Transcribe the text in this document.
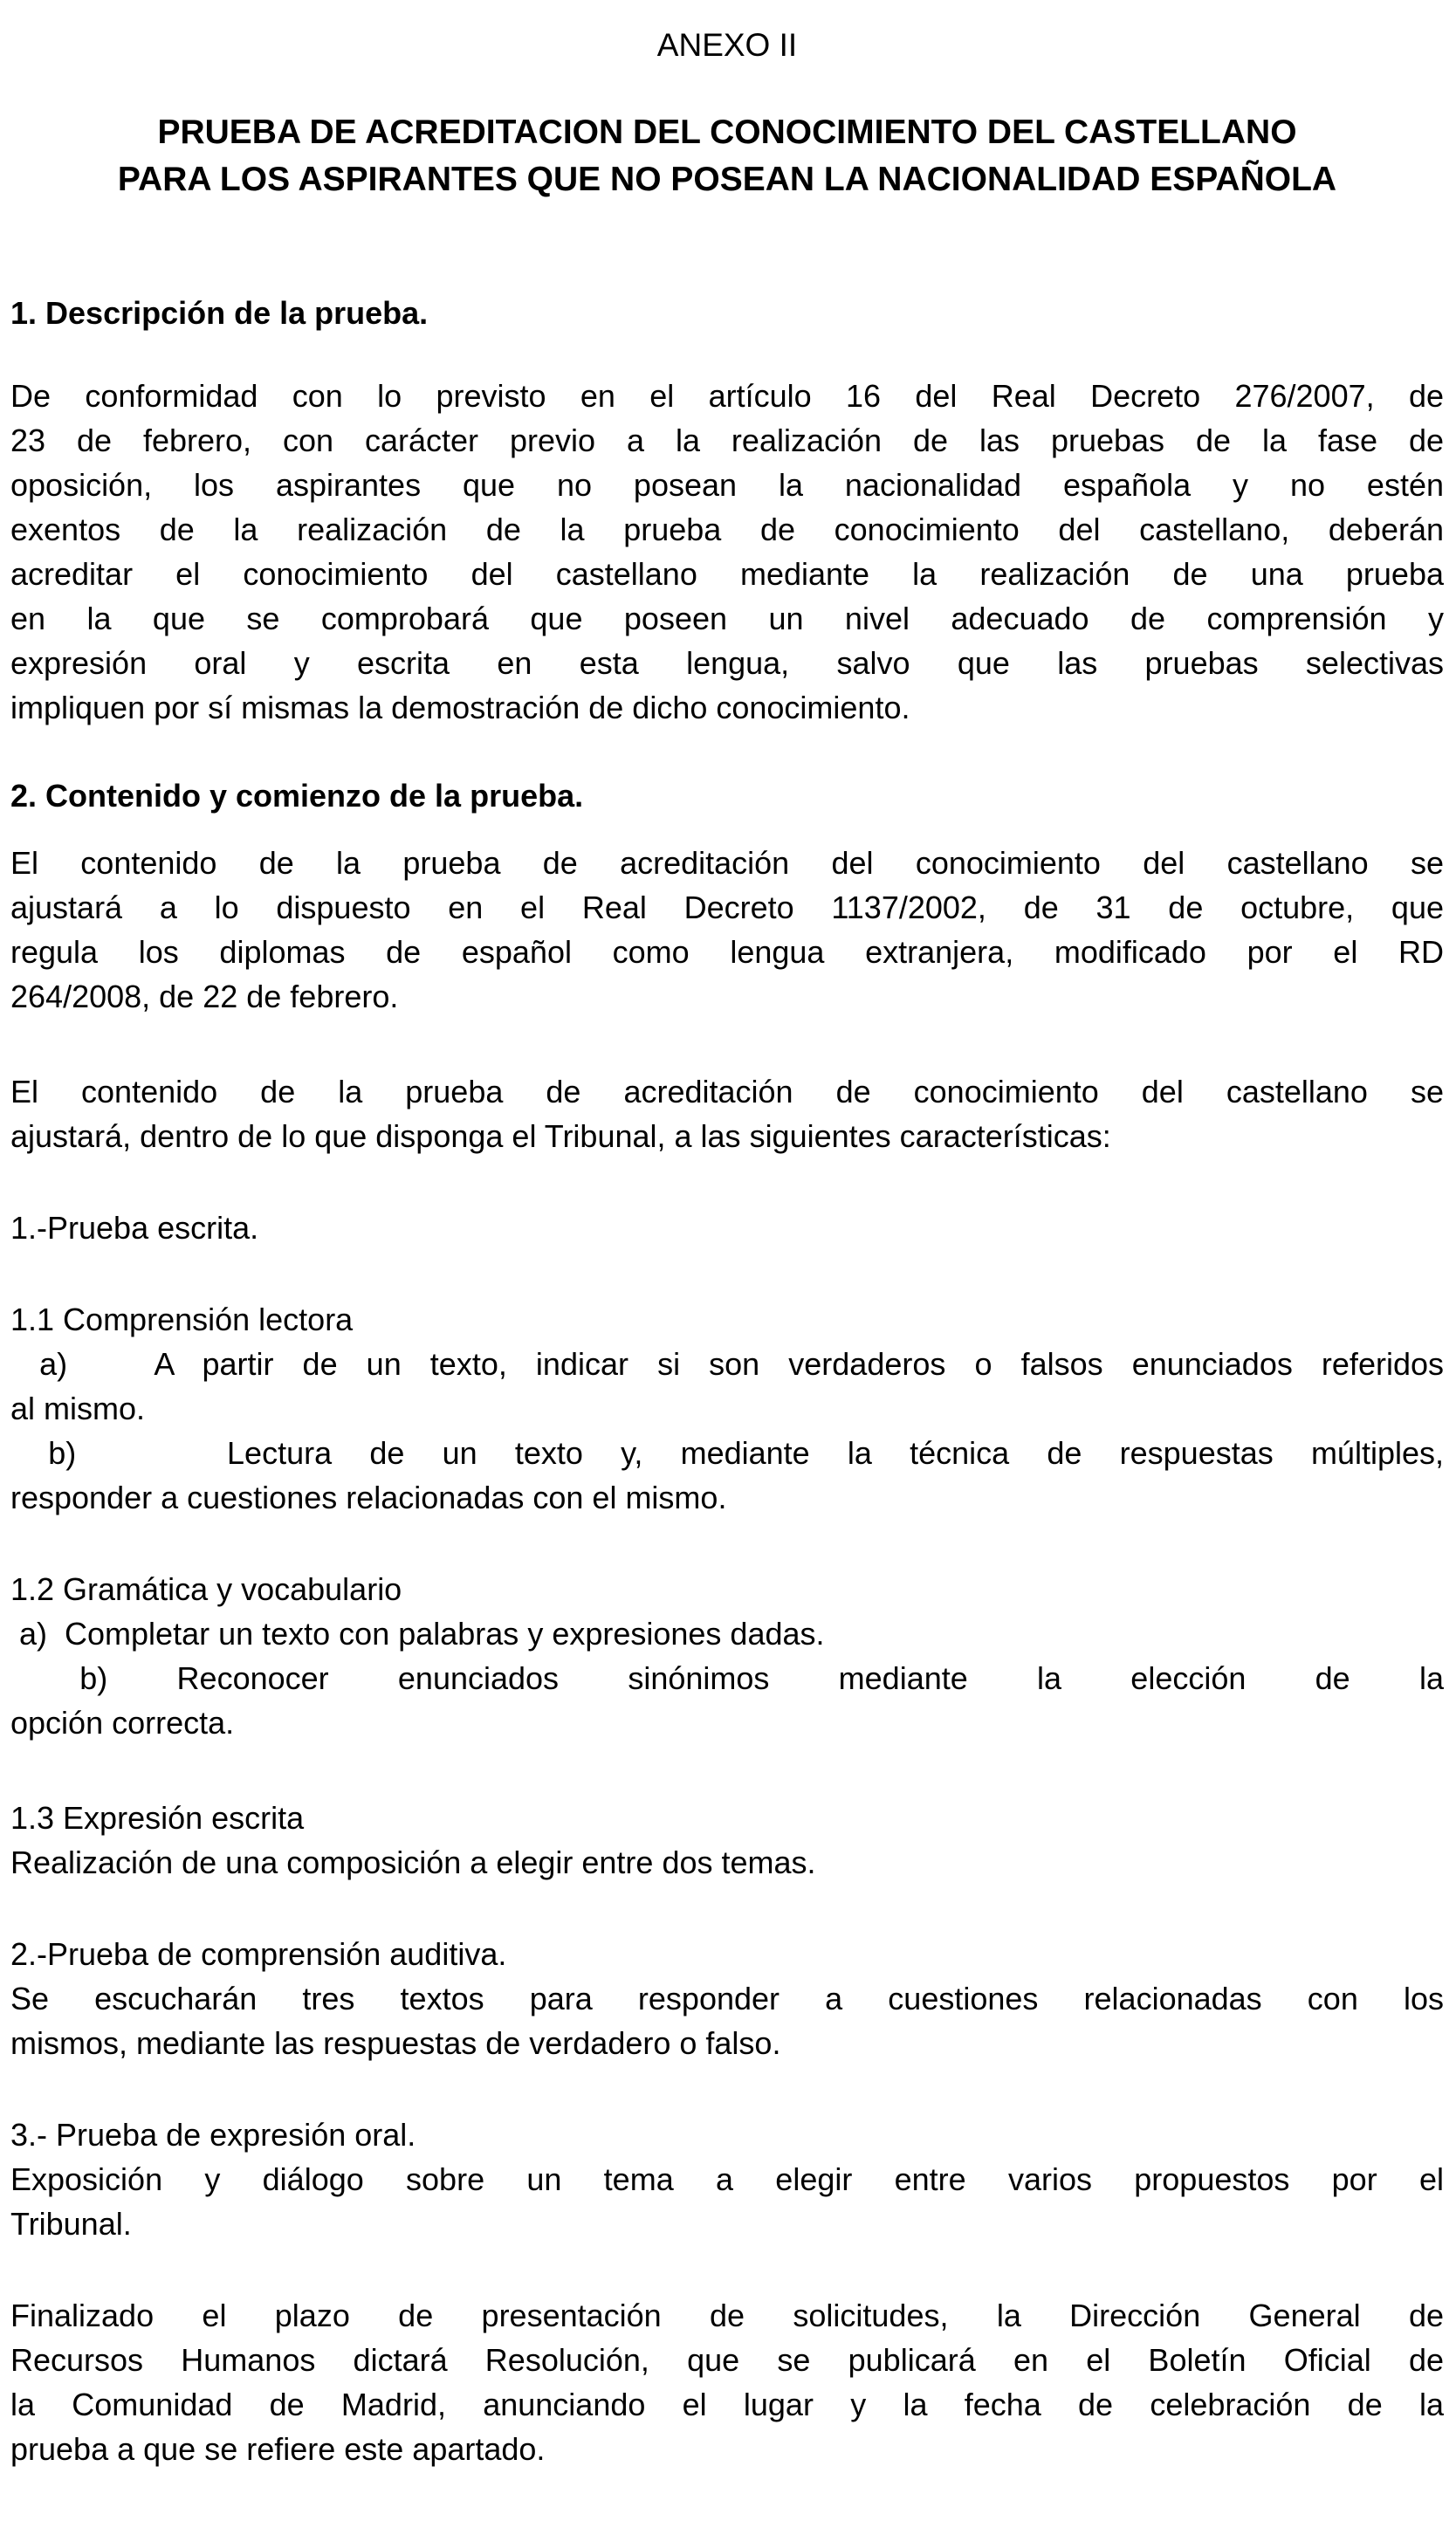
ANEXO II
PRUEBA DE ACREDITACION DEL CONOCIMIENTO DEL CASTELLANO
PARA LOS ASPIRANTES QUE NO POSEAN LA NACIONALIDAD ESPAÑOLA
1. Descripción de la prueba.
De conformidad con lo previsto en el artículo 16 del Real Decreto 276/2007, de
23 de febrero, con carácter previo a la realización de las pruebas de la fase de
oposición, los aspirantes que no posean la nacionalidad española y no estén
exentos de la realización de la prueba de conocimiento del castellano, deberán
acreditar el conocimiento del castellano mediante la realización de una prueba
en la que se comprobará que poseen un nivel adecuado de comprensión y
expresión oral y escrita en esta lengua, salvo que las pruebas selectivas
impliquen por sí mismas la demostración de dicho conocimiento.
2. Contenido y comienzo de la prueba.
El contenido de la prueba de acreditación del conocimiento del castellano se
ajustará a lo dispuesto en el Real Decreto 1137/2002, de 31 de octubre, que
regula los diplomas de español como lengua extranjera, modificado por el RD
264/2008, de 22 de febrero.
El contenido de la prueba de acreditación de conocimiento del castellano se
ajustará, dentro de lo que disponga el Tribunal, a las siguientes características:
1.-Prueba escrita.
1.1 Comprensión lectora
a)   A partir de un texto, indicar si son verdaderos o falsos enunciados referidos
al mismo.
b)    Lectura de un texto y, mediante la técnica de respuestas múltiples,
responder a cuestiones relacionadas con el mismo.
1.2 Gramática y vocabulario
a)  Completar un texto con palabras y expresiones dadas.
b) Reconocer enunciados sinónimos mediante la elección de la
opción correcta.
1.3 Expresión escrita
Realización de una composición a elegir entre dos temas.
2.-Prueba de comprensión auditiva.
Se escucharán tres textos para responder a cuestiones relacionadas con los
mismos, mediante las respuestas de verdadero o falso.
3.- Prueba de expresión oral.
Exposición y diálogo sobre un tema a elegir entre varios propuestos por el
Tribunal.
Finalizado el plazo de presentación de solicitudes, la Dirección General de
Recursos Humanos dictará Resolución, que se publicará en el Boletín Oficial de
la Comunidad de Madrid, anunciando el lugar y la fecha de celebración de la
prueba a que se refiere este apartado.
